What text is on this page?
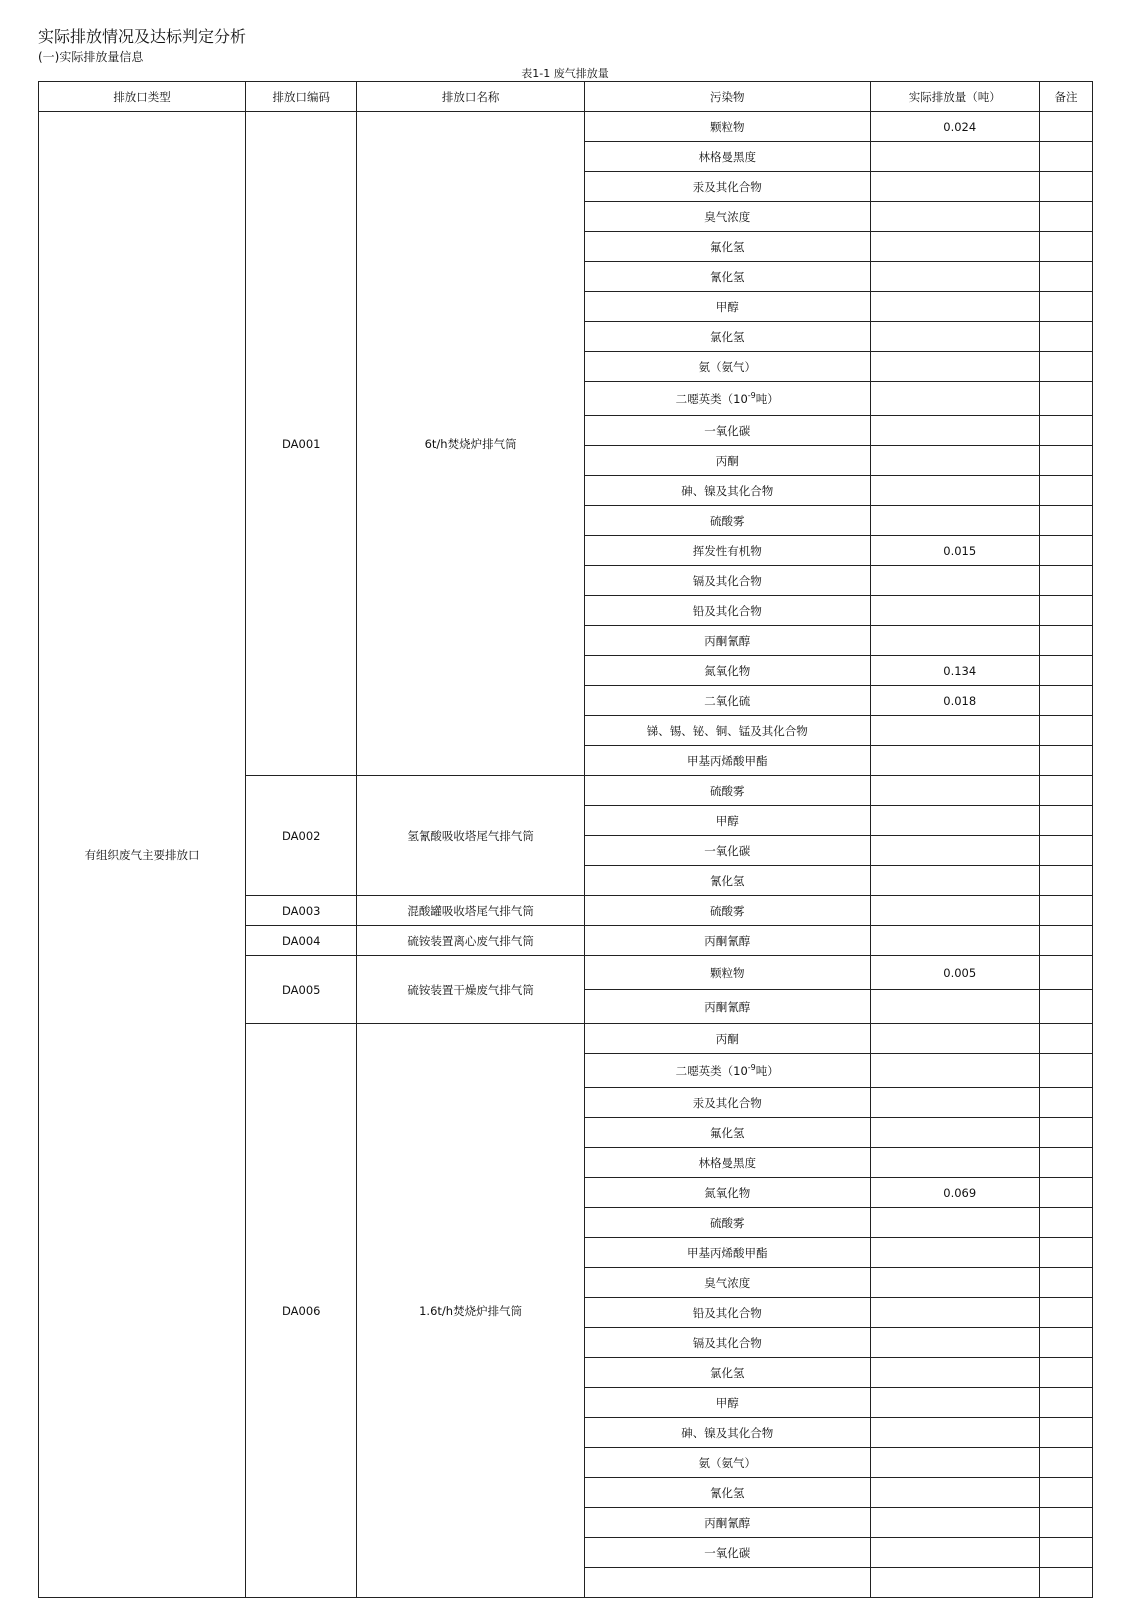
实际排放情况及达标判定分析
(一)实际排放量信息
表1-1 废气排放量
排放口类型	排放口编码	排放口名称	污染物	实际排放量（吨）	备注
有组织废气主要排放口	DA001	6t/h焚烧炉排气筒	颗粒物	0.024	
			林格曼黑度		
			汞及其化合物		
			臭气浓度		
			氟化氢		
			氰化氢		
			甲醇		
			氯化氢		
			氨（氨气）		
			二噁英类（$10^{-9}$吨）		
			一氧化碳		
			丙酮		
			砷、镍及其化合物		
			硫酸雾		
			挥发性有机物	0.015	
			镉及其化合物		
			铅及其化合物		
			丙酮氰醇		
			氮氧化物	0.134	
			二氧化硫	0.018	
			锑、锡、铋、铜、锰及其化合物		
			甲基丙烯酸甲酯		
	DA002	氢氰酸吸收塔尾气排气筒	硫酸雾		
			甲醇		
			一氧化碳		
			氰化氢		
	DA003	混酸罐吸收塔尾气排气筒	硫酸雾		
	DA004	硫铵装置离心废气排气筒	丙酮氰醇		
	DA005	硫铵装置干燥废气排气筒	颗粒物	0.005	
			丙酮氰醇		
	DA006	1.6t/h焚烧炉排气筒	丙酮		
			二噁英类（$10^{-9}$吨）		
			汞及其化合物		
			氟化氢		
			林格曼黑度		
			氮氧化物	0.069	
			硫酸雾		
			甲基丙烯酸甲酯		
			臭气浓度		
			铅及其化合物		
			镉及其化合物		
			氯化氢		
			甲醇		
			砷、镍及其化合物		
			氨（氨气）		
			氰化氢		
			丙酮氰醇		
			一氧化碳		
